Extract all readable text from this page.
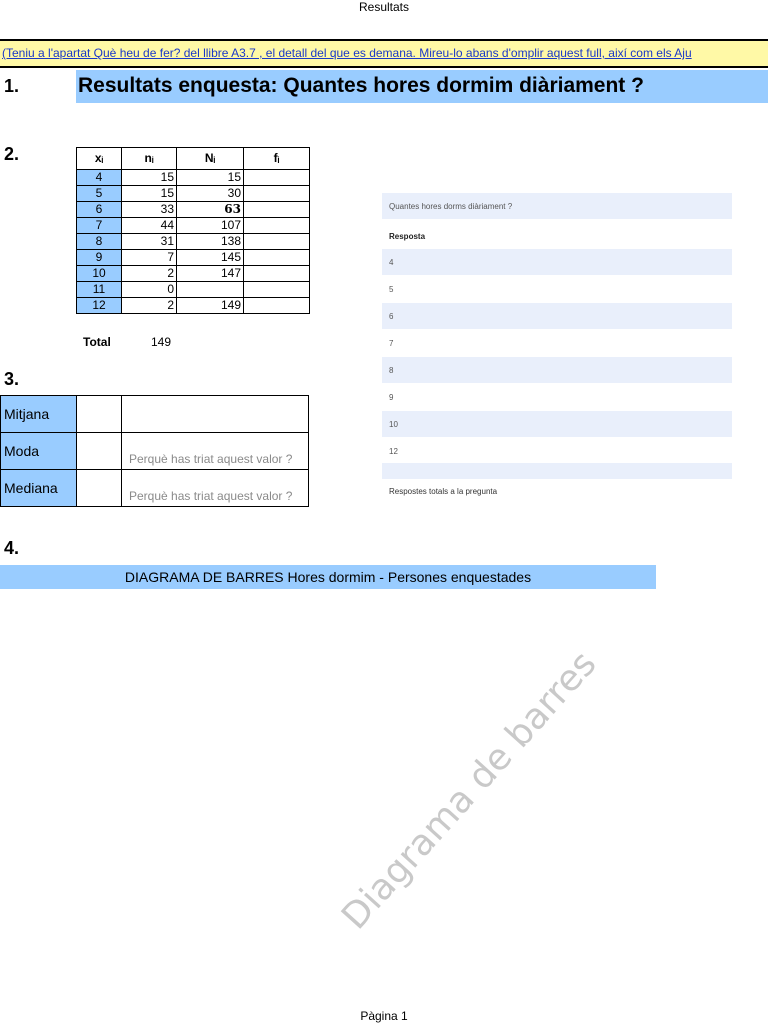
Resultats
(Teniu a l'apartat Què heu de fer? del llibre A3.7 , el detall del que es demana. Mireu-lo abans d'omplir aquest full, així com els Aju
1.	Resultats enquesta: Quantes hores dormim diàriament ?
2.	xᵢ	nᵢ	Nᵢ	fᵢ
4	15	15	
5	15	30	
6	33	63	
7	44	107	
8	31	138	
9	7	145	
10	2	147	
11	0		
12	2	149	
Total	149
Quantes hores dorms diàriament ?
Resposta
4
5
6
7
8
9
10
12
Respostes totals a la pregunta
3.
Mitjana		
Moda		Perquè has triat aquest valor ?
Mediana		Perquè has triat aquest valor ?
4.
DIAGRAMA DE BARRES Hores dormim - Persones enquestades
Diagrama de barres
Pàgina 1
